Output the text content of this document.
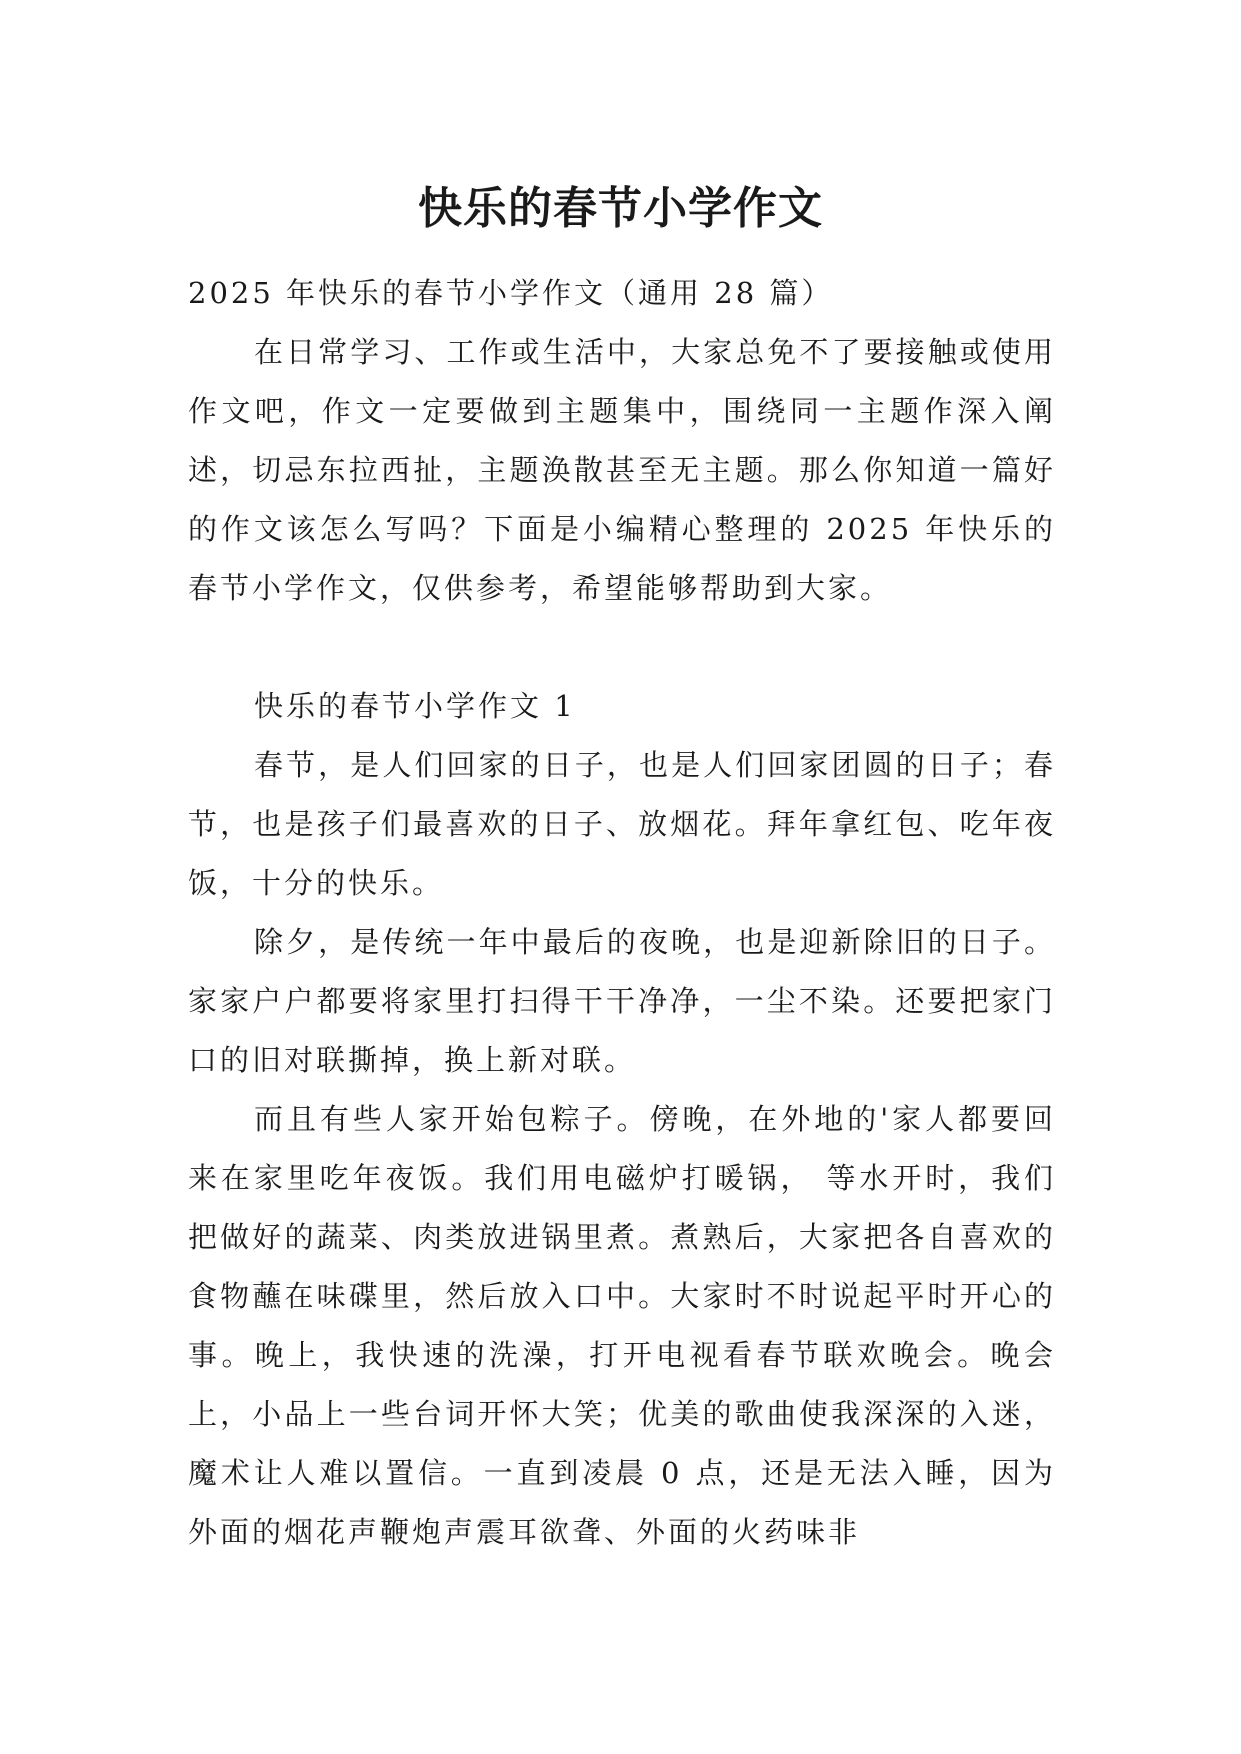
快乐的春节小学作文

2025 年快乐的春节小学作文（通用 28 篇）

在日常学习、工作或生活中，大家总免不了要接触或使用作文吧，作文一定要做到主题集中，围绕同一主题作深入阐述，切忌东拉西扯，主题涣散甚至无主题。那么你知道一篇好的作文该怎么写吗？下面是小编精心整理的 2025 年快乐的春节小学作文，仅供参考，希望能够帮助到大家。

快乐的春节小学作文 1

春节，是人们回家的日子，也是人们回家团圆的日子；春节，也是孩子们最喜欢的日子、放烟花。拜年拿红包、吃年夜饭，十分的快乐。

除夕，是传统一年中最后的夜晚，也是迎新除旧的日子。家家户户都要将家里打扫得干干净净，一尘不染。还要把家门口的旧对联撕掉，换上新对联。

而且有些人家开始包粽子。傍晚，在外地的'家人都要回来在家里吃年夜饭。我们用电磁炉打暖锅， 等水开时，我们把做好的蔬菜、肉类放进锅里煮。煮熟后，大家把各自喜欢的食物蘸在味碟里，然后放入口中。大家时不时说起平时开心的事。晚上，我快速的洗澡，打开电视看春节联欢晚会。晚会上，小品上一些台词开怀大笑；优美的歌曲使我深深的入迷，魔术让人难以置信。一直到凌晨 0 点，还是无法入睡，因为外面的烟花声鞭炮声震耳欲聋、外面的火药味非
